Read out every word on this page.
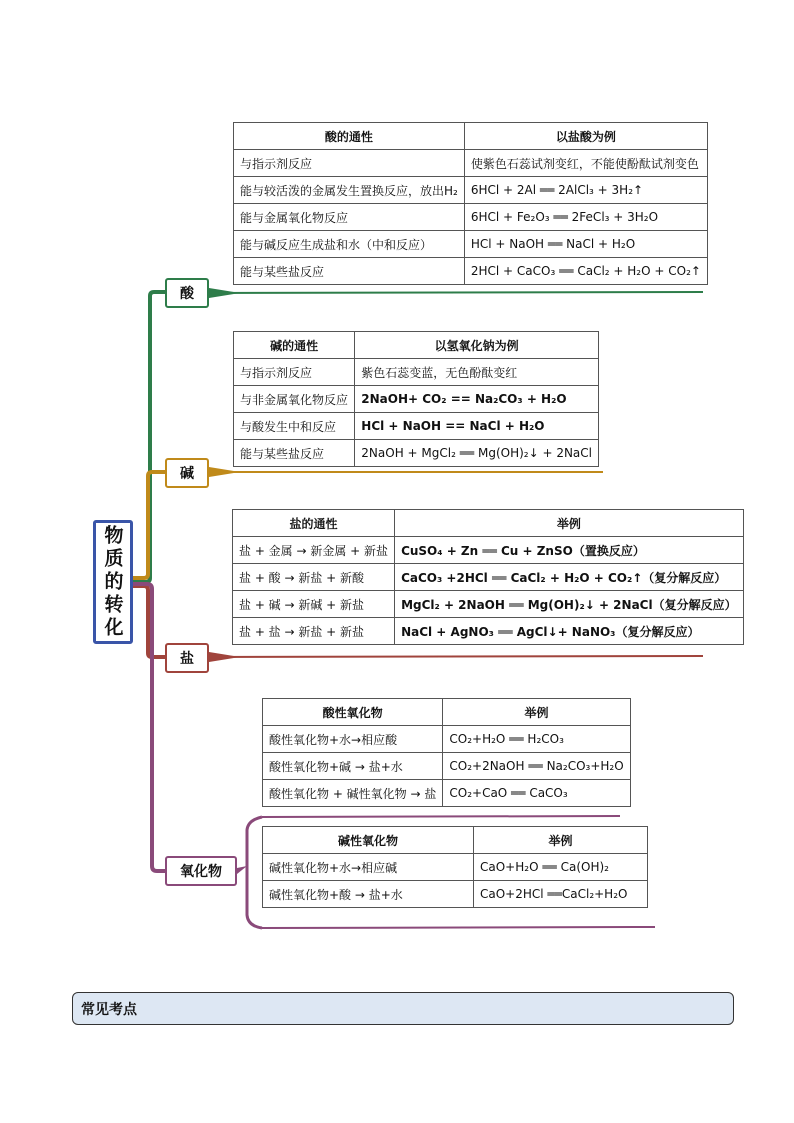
物质的转化
酸
碱
盐
氧化物
酸的通性	以盐酸为例
与指示剂反应	使紫色石蕊试剂变红，不能使酚酞试剂变色
能与较活泼的金属发生置换反应，放出H₂	6HCl + 2Al ══ 2AlCl₃ + 3H₂↑
能与金属氧化物反应	6HCl + Fe₂O₃ ══ 2FeCl₃ + 3H₂O
能与碱反应生成盐和水（中和反应）	HCl + NaOH ══ NaCl + H₂O
能与某些盐反应	2HCl + CaCO₃ ══ CaCl₂ + H₂O + CO₂↑
碱的通性	以氢氧化钠为例
与指示剂反应	紫色石蕊变蓝，无色酚酞变红
与非金属氧化物反应	2NaOH+ CO₂ == Na₂CO₃ + H₂O
与酸发生中和反应	HCl + NaOH == NaCl + H₂O
能与某些盐反应	2NaOH + MgCl₂ ══ Mg(OH)₂↓ + 2NaCl
盐的通性	举例
盐 + 金属 → 新金属 + 新盐	CuSO₄ + Zn ══ Cu + ZnSO（置换反应）
盐 + 酸 → 新盐 + 新酸	CaCO₃ +2HCl ══ CaCl₂ + H₂O + CO₂↑（复分解反应）
盐 + 碱 → 新碱 + 新盐	MgCl₂ + 2NaOH ══ Mg(OH)₂↓ + 2NaCl（复分解反应）
盐 + 盐 → 新盐 + 新盐	NaCl + AgNO₃ ══ AgCl↓+ NaNO₃（复分解反应）
酸性氧化物	举例
酸性氧化物+水→相应酸	CO₂+H₂O ══ H₂CO₃
酸性氧化物+碱 → 盐+水	CO₂+2NaOH ══ Na₂CO₃+H₂O
酸性氧化物 + 碱性氧化物 → 盐	CO₂+CaO ══ CaCO₃
碱性氧化物	举例
碱性氧化物+水→相应碱	CaO+H₂O ══ Ca(OH)₂
碱性氧化物+酸 → 盐+水	CaO+2HCl ══CaCl₂+H₂O
常见考点
